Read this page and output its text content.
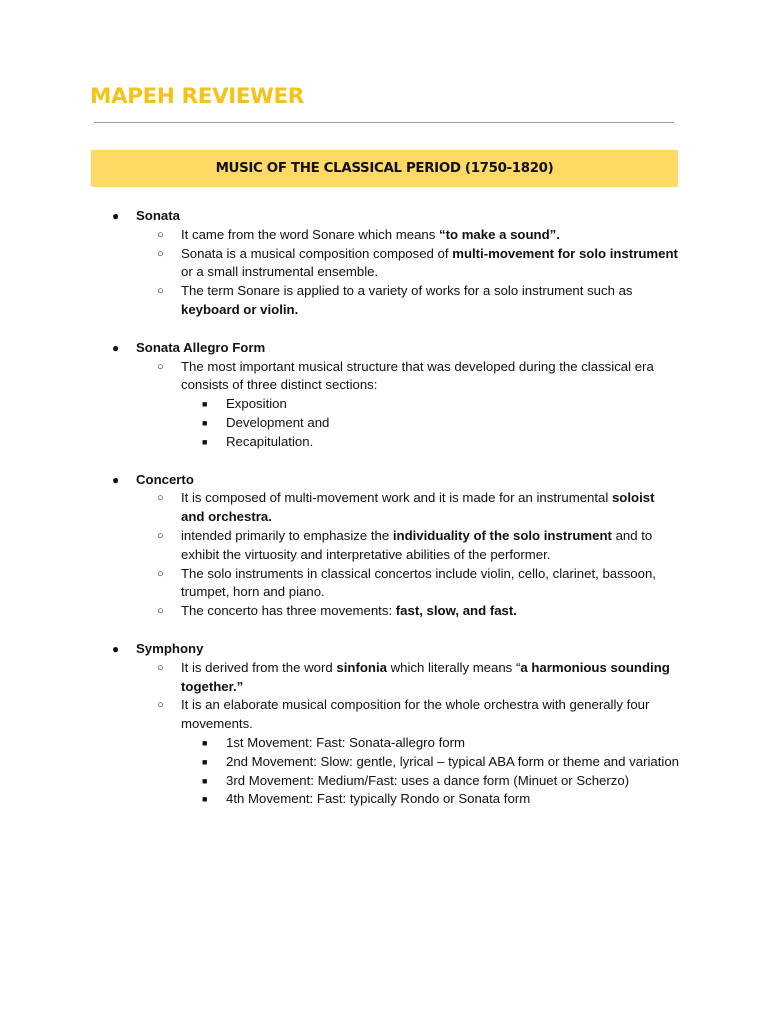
MAPEH REVIEWER
MUSIC OF THE CLASSICAL PERIOD (1750-1820)
● Sonata
○ It came from the word Sonare which means “to make a sound”.
○ Sonata is a musical composition composed of multi-movement for solo instrument or a small instrumental ensemble.
○ The term Sonare is applied to a variety of works for a solo instrument such as keyboard or violin.
● Sonata Allegro Form
○ The most important musical structure that was developed during the classical era consists of three distinct sections:
■ Exposition
■ Development and
■ Recapitulation.
● Concerto
○ It is composed of multi-movement work and it is made for an instrumental soloist and orchestra.
○ intended primarily to emphasize the individuality of the solo instrument and to exhibit the virtuosity and interpretative abilities of the performer.
○ The solo instruments in classical concertos include violin, cello, clarinet, bassoon, trumpet, horn and piano.
○ The concerto has three movements: fast, slow, and fast.
● Symphony
○ It is derived from the word sinfonia which literally means “a harmonious sounding together.”
○ It is an elaborate musical composition for the whole orchestra with generally four movements.
■ 1st Movement: Fast: Sonata-allegro form
■ 2nd Movement: Slow: gentle, lyrical – typical ABA form or theme and variation
■ 3rd Movement: Medium/Fast: uses a dance form (Minuet or Scherzo)
■ 4th Movement: Fast: typically Rondo or Sonata form
